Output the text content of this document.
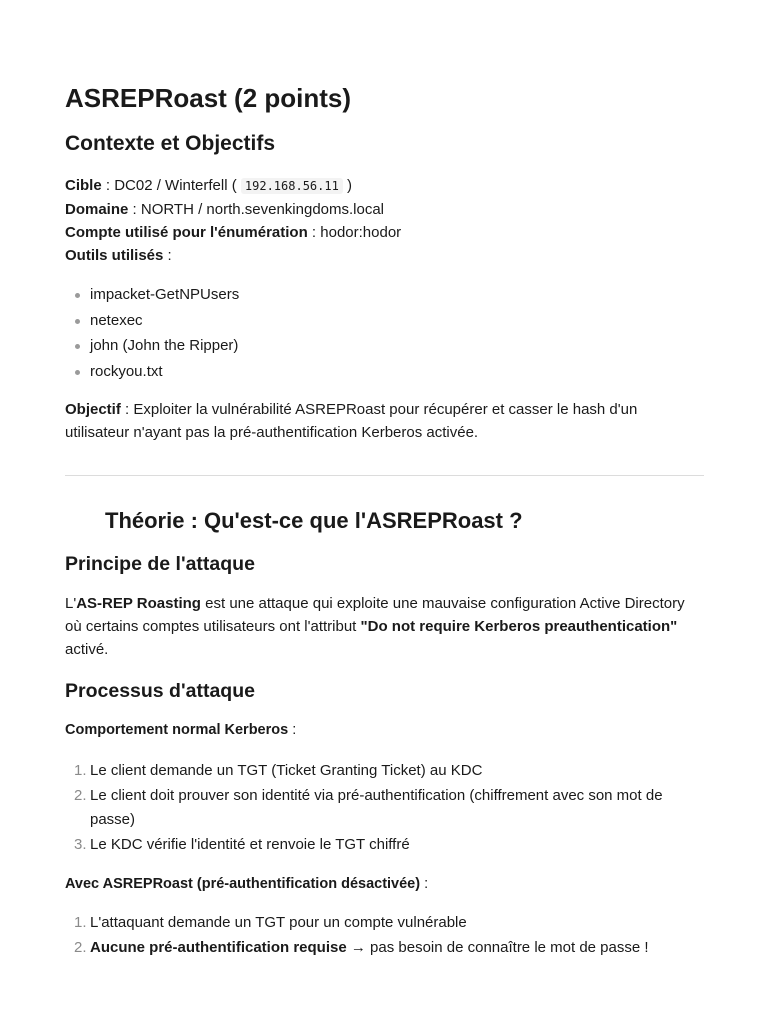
ASREPRoast (2 points)
Contexte et Objectifs
Cible : DC02 / Winterfell ( 192.168.56.11 )
Domaine : NORTH / north.sevenkingdoms.local
Compte utilisé pour l'énumération : hodor:hodor
Outils utilisés :
impacket-GetNPUsers
netexec
john (John the Ripper)
rockyou.txt
Objectif : Exploiter la vulnérabilité ASREPRoast pour récupérer et casser le hash d'un utilisateur n'ayant pas la pré-authentification Kerberos activée.
Théorie : Qu'est-ce que l'ASREPRoast ?
Principe de l'attaque
L'AS-REP Roasting est une attaque qui exploite une mauvaise configuration Active Directory où certains comptes utilisateurs ont l'attribut "Do not require Kerberos preauthentication" activé.
Processus d'attaque
Comportement normal Kerberos :
1. Le client demande un TGT (Ticket Granting Ticket) au KDC
2. Le client doit prouver son identité via pré-authentification (chiffrement avec son mot de passe)
3. Le KDC vérifie l'identité et renvoie le TGT chiffré
Avec ASREPRoast (pré-authentification désactivée) :
1. L'attaquant demande un TGT pour un compte vulnérable
2. Aucune pré-authentification requise → pas besoin de connaître le mot de passe !
